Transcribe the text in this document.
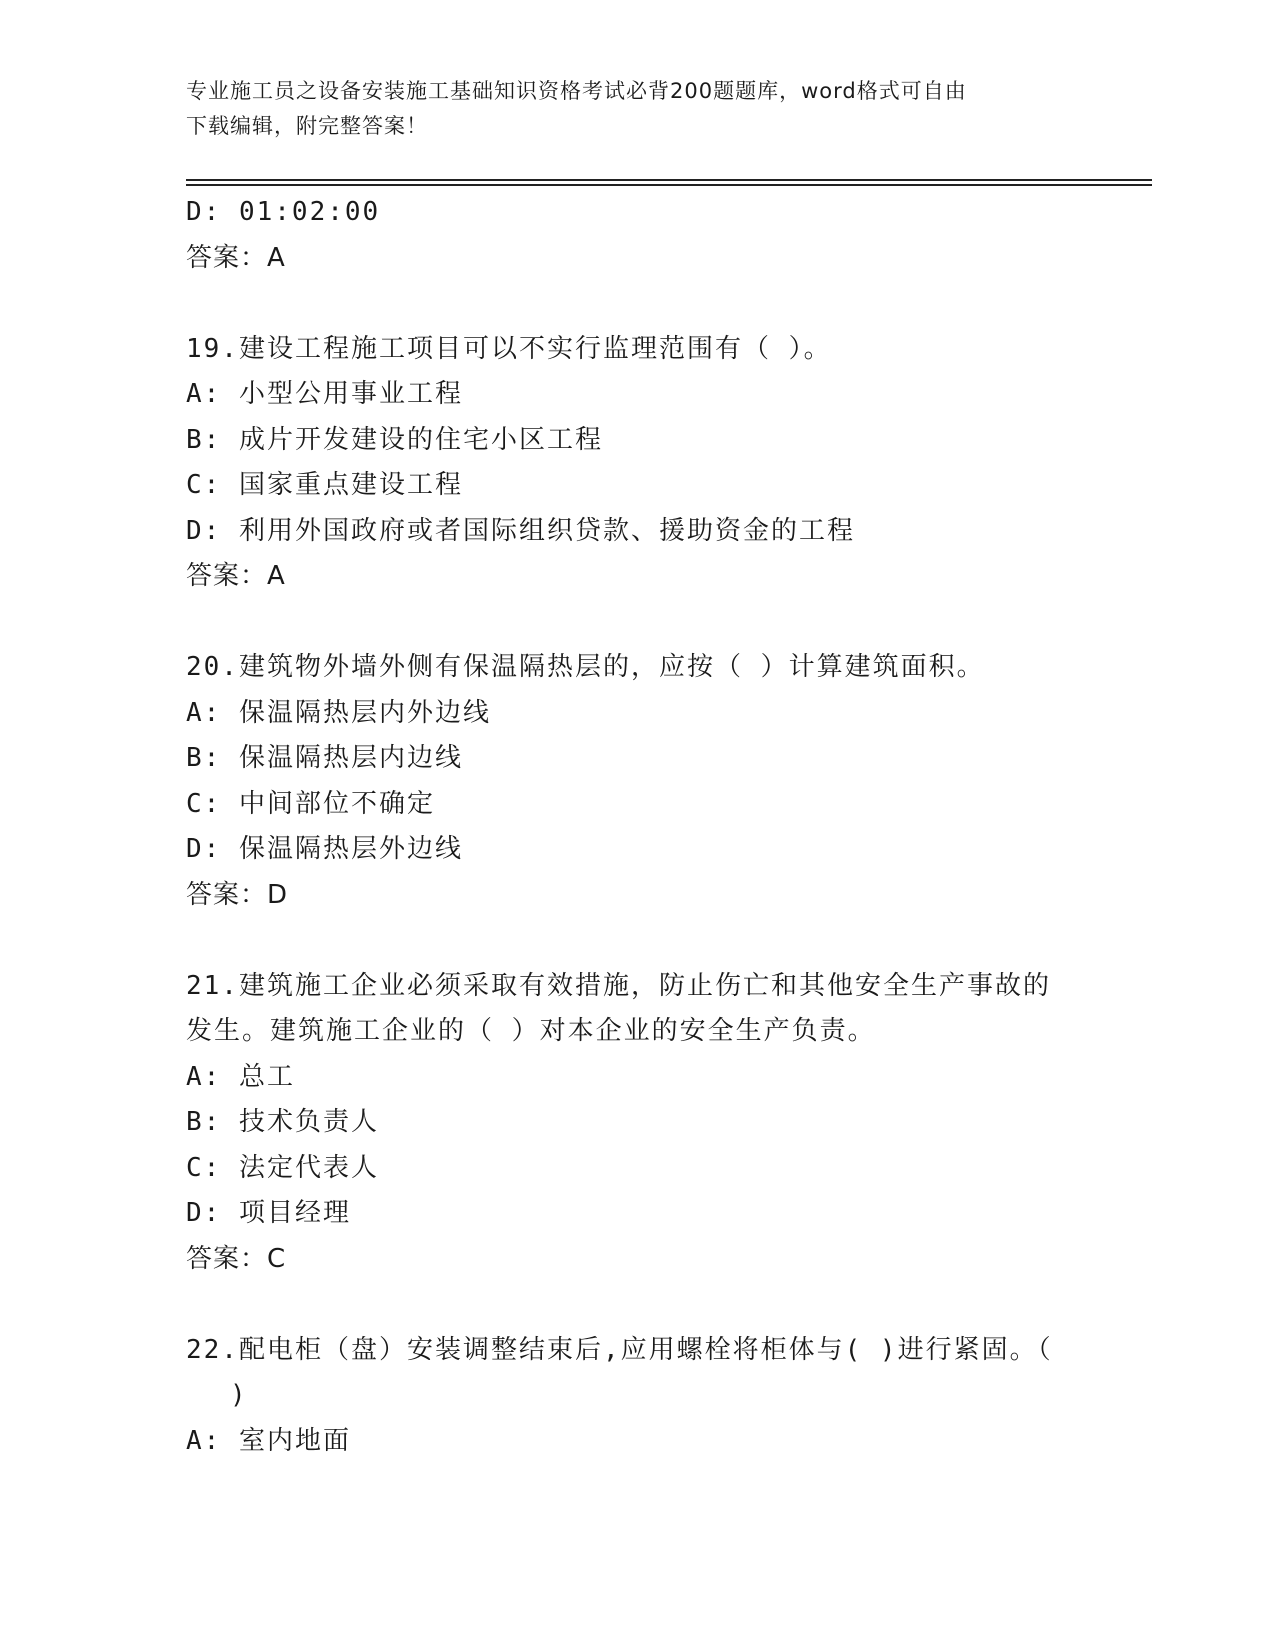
专业施工员之设备安装施工基础知识资格考试必背200题题库，word格式可自由
下载编辑，附完整答案！
D: 01:02:00
答案：A
19.建设工程施工项目可以不实行监理范围有（ ）。
A: 小型公用事业工程
B: 成片开发建设的住宅小区工程
C: 国家重点建设工程
D: 利用外国政府或者国际组织贷款、援助资金的工程
答案：A
20.建筑物外墙外侧有保温隔热层的，应按（ ）计算建筑面积。
A: 保温隔热层内外边线
B: 保温隔热层内边线
C: 中间部位不确定
D: 保温隔热层外边线
答案：D
21.建筑施工企业必须采取有效措施，防止伤亡和其他安全生产事故的
发生。建筑施工企业的（ ）对本企业的安全生产负责。
A: 总工
B: 技术负责人
C: 法定代表人
D: 项目经理
答案：C
22.配电柜（盘）安装调整结束后,应用螺栓将柜体与( )进行紧固。（
)
A: 室内地面
